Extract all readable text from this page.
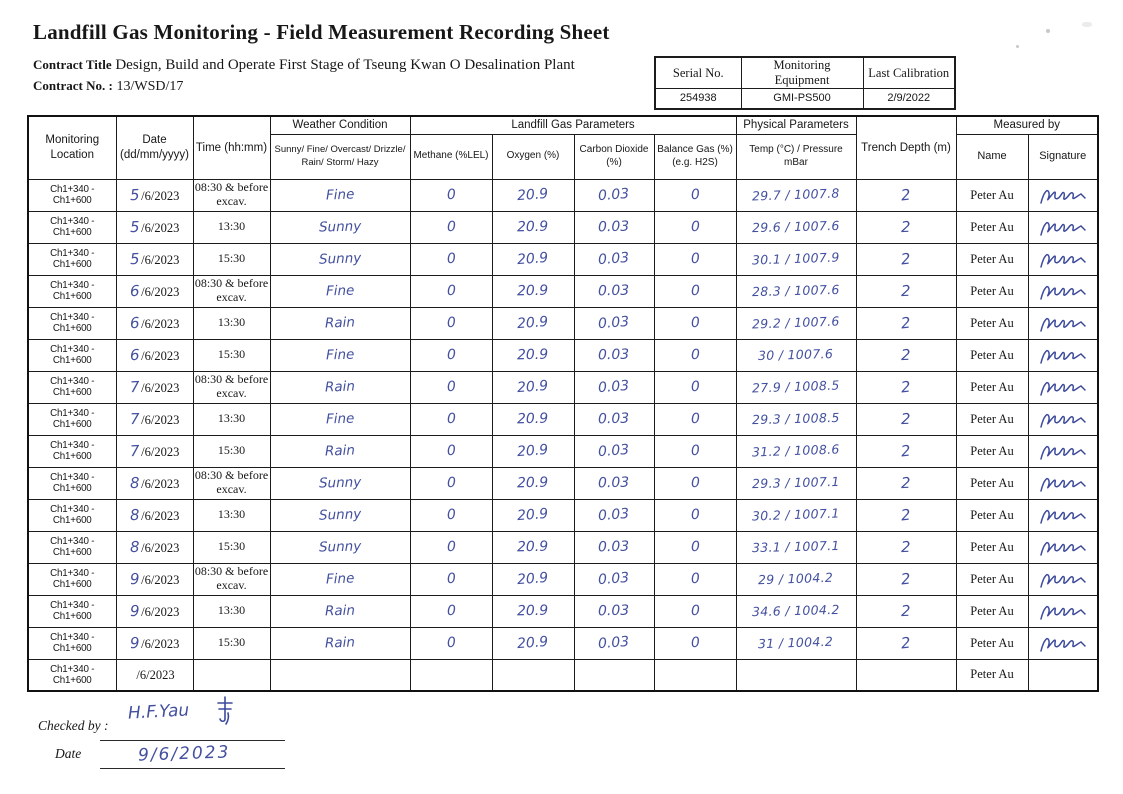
Landfill Gas Monitoring - Field Measurement Recording Sheet
Contract Title Design, Build and Operate First Stage of Tseung Kwan O Desalination Plant
Contract No. : 13/WSD/17
Serial No.	Monitoring Equipment	Last Calibration
254938	GMI-PS500	2/9/2022
Monitoring Location	Date (dd/mm/yyyy)	Time (hh:mm)	Weather Condition	Landfill Gas Parameters				Physical Parameters	Trench Depth (m)	Measured by	
			Sunny/ Fine/ Overcast/ Drizzle/ Rain/ Storm/ Hazy	Methane (%LEL)	Oxygen (%)	Carbon Dioxide (%)	Balance Gas (%) (e.g. H2S)	Temp (°C) / Pressure mBar		Name	Signature
Ch1+340 - Ch1+600	5 /6/2023	08:30 & before excav.	Fine	0	20.9	0.03	0	29.7 / 1007.8	2	Peter Au	

Ch1+340 - Ch1+600	5 /6/2023	13:30	Sunny	0	20.9	0.03	0	29.6 / 1007.6	2	Peter Au	

Ch1+340 - Ch1+600	5 /6/2023	15:30	Sunny	0	20.9	0.03	0	30.1 / 1007.9	2	Peter Au	

Ch1+340 - Ch1+600	6 /6/2023	08:30 & before excav.	Fine	0	20.9	0.03	0	28.3 / 1007.6	2	Peter Au	

Ch1+340 - Ch1+600	6 /6/2023	13:30	Rain	0	20.9	0.03	0	29.2 / 1007.6	2	Peter Au	

Ch1+340 - Ch1+600	6 /6/2023	15:30	Fine	0	20.9	0.03	0	30 / 1007.6	2	Peter Au	

Ch1+340 - Ch1+600	7 /6/2023	08:30 & before excav.	Rain	0	20.9	0.03	0	27.9 / 1008.5	2	Peter Au	

Ch1+340 - Ch1+600	7 /6/2023	13:30	Fine	0	20.9	0.03	0	29.3 / 1008.5	2	Peter Au	

Ch1+340 - Ch1+600	7 /6/2023	15:30	Rain	0	20.9	0.03	0	31.2 / 1008.6	2	Peter Au	

Ch1+340 - Ch1+600	8 /6/2023	08:30 & before excav.	Sunny	0	20.9	0.03	0	29.3 / 1007.1	2	Peter Au	

Ch1+340 - Ch1+600	8 /6/2023	13:30	Sunny	0	20.9	0.03	0	30.2 / 1007.1	2	Peter Au	

Ch1+340 - Ch1+600	8 /6/2023	15:30	Sunny	0	20.9	0.03	0	33.1 / 1007.1	2	Peter Au	

Ch1+340 - Ch1+600	9 /6/2023	08:30 & before excav.	Fine	0	20.9	0.03	0	29 / 1004.2	2	Peter Au	

Ch1+340 - Ch1+600	9 /6/2023	13:30	Rain	0	20.9	0.03	0	34.6 / 1004.2	2	Peter Au	

Ch1+340 - Ch1+600	9 /6/2023	15:30	Rain	0	20.9	0.03	0	31 / 1004.2	2	Peter Au	

Ch1+340 - Ch1+600	/6/2023									Peter Au	
Checked by :
H.F.Yau
Date	9/6/2023
